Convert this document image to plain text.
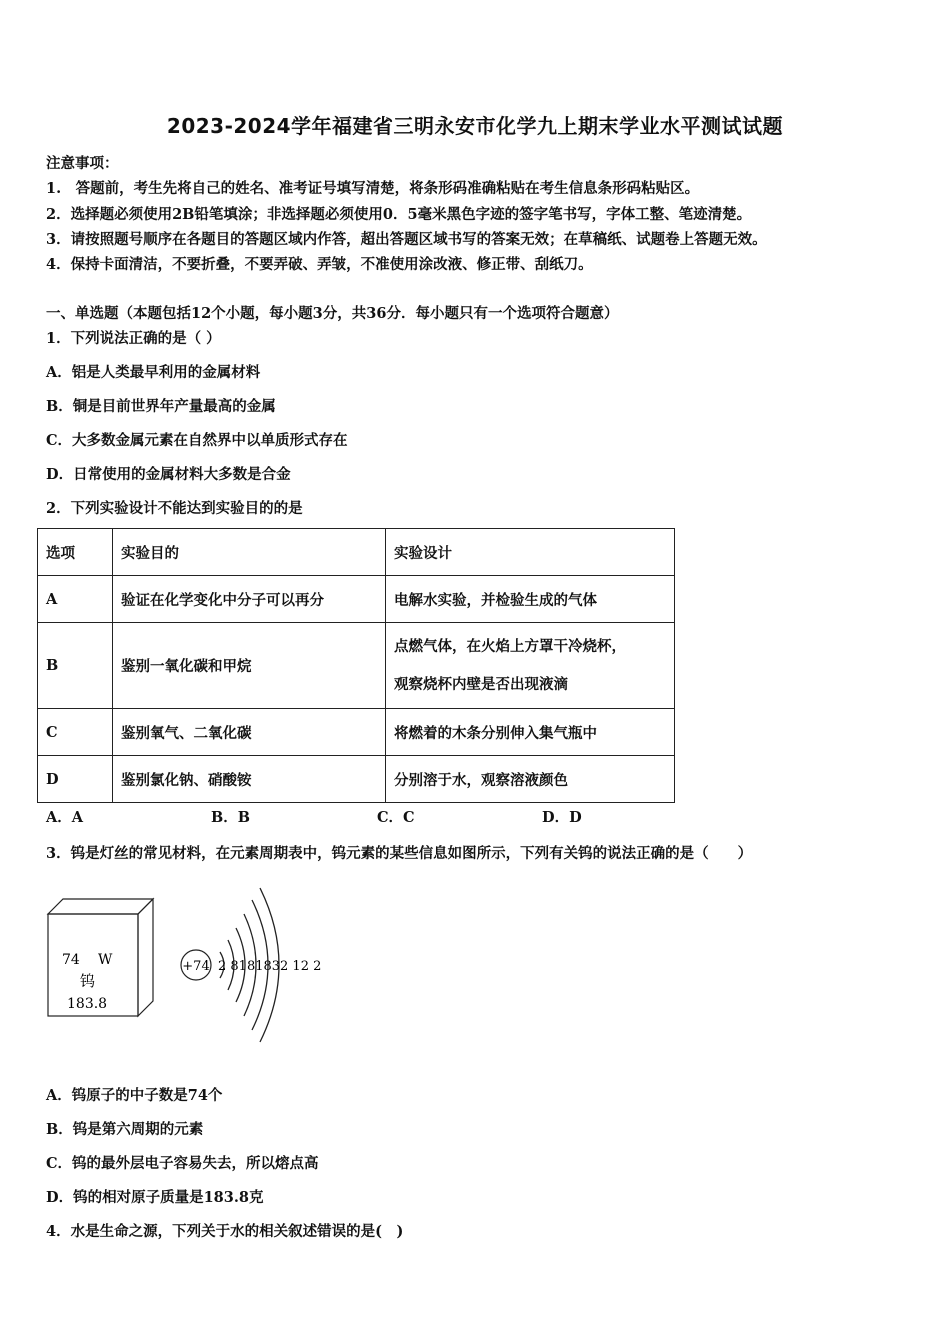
2023-2024学年福建省三明永安市化学九上期末学业水平测试试题
注意事项：
1.　答题前，考生先将自己的姓名、准考证号填写清楚，将条形码准确粘贴在考生信息条形码粘贴区。
2．选择题必须使用2B铅笔填涂；非选择题必须使用0．5毫米黑色字迹的签字笔书写，字体工整、笔迹清楚。
3．请按照题号顺序在各题目的答题区域内作答，超出答题区域书写的答案无效；在草稿纸、试题卷上答题无效。
4．保持卡面清洁，不要折叠，不要弄破、弄皱，不准使用涂改液、修正带、刮纸刀。
一、单选题（本题包括12个小题，每小题3分，共36分．每小题只有一个选项符合题意）
1．下列说法正确的是（ ）
A．铝是人类最早利用的金属材料
B．铜是目前世界年产量最高的金属
C．大多数金属元素在自然界中以单质形式存在
D．日常使用的金属材料大多数是合金
2．下列实验设计不能达到实验目的的是
选项	实验目的	实验设计
A	验证在化学变化中分子可以再分	电解水实验，并检验生成的气体
B	鉴别一氧化碳和甲烷	点燃气体，在火焰上方罩干冷烧杯，
观察烧杯内壁是否出现液滴

C	鉴别氧气、二氧化碳	将燃着的木条分别伸入集气瓶中
D	鉴别氯化钠、硝酸铵	分别溶于水，观察溶液颜色
A．A	B．B	C．C	D．D
3．钨是灯丝的常见材料，在元素周期表中，钨元素的某些信息如图所示，下列有关钨的说法正确的是（　　）
74 W
钨
183.8
+74 2 8181832 12 2
A．钨原子的中子数是74个
B．钨是第六周期的元素
C．钨的最外层电子容易失去，所以熔点高
D．钨的相对原子质量是183.8克
4．水是生命之源，下列关于水的相关叙述错误的是(　)
